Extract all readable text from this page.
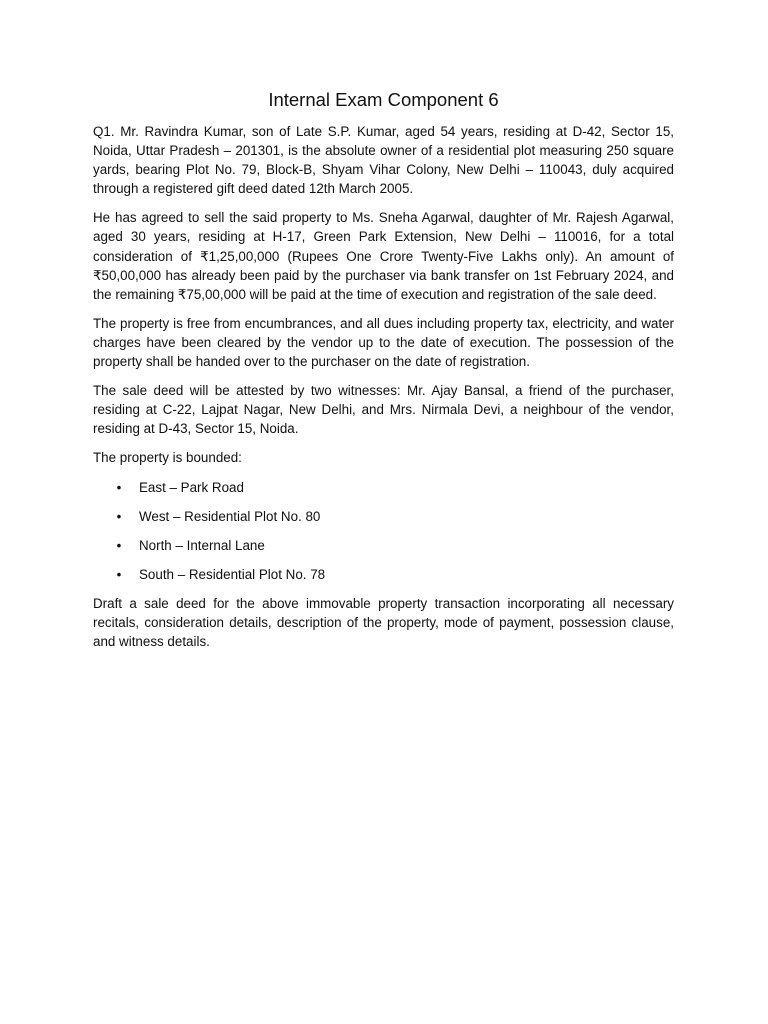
Internal Exam Component 6

Q1. Mr. Ravindra Kumar, son of Late S.P. Kumar, aged 54 years, residing at D-42, Sector 15, Noida, Uttar Pradesh – 201301, is the absolute owner of a residential plot measuring 250 square yards, bearing Plot No. 79, Block-B, Shyam Vihar Colony, New Delhi – 110043, duly acquired through a registered gift deed dated 12th March 2005.

He has agreed to sell the said property to Ms. Sneha Agarwal, daughter of Mr. Rajesh Agarwal, aged 30 years, residing at H-17, Green Park Extension, New Delhi – 110016, for a total consideration of ₹1,25,00,000 (Rupees One Crore Twenty-Five Lakhs only). An amount of ₹50,00,000 has already been paid by the purchaser via bank transfer on 1st February 2024, and the remaining ₹75,00,000 will be paid at the time of execution and registration of the sale deed.

The property is free from encumbrances, and all dues including property tax, electricity, and water charges have been cleared by the vendor up to the date of execution. The possession of the property shall be handed over to the purchaser on the date of registration.

The sale deed will be attested by two witnesses: Mr. Ajay Bansal, a friend of the purchaser, residing at C-22, Lajpat Nagar, New Delhi, and Mrs. Nirmala Devi, a neighbour of the vendor, residing at D-43, Sector 15, Noida.

The property is bounded:

• East – Park Road
• West – Residential Plot No. 80
• North – Internal Lane
• South – Residential Plot No. 78

Draft a sale deed for the above immovable property transaction incorporating all necessary recitals, consideration details, description of the property, mode of payment, possession clause, and witness details.
